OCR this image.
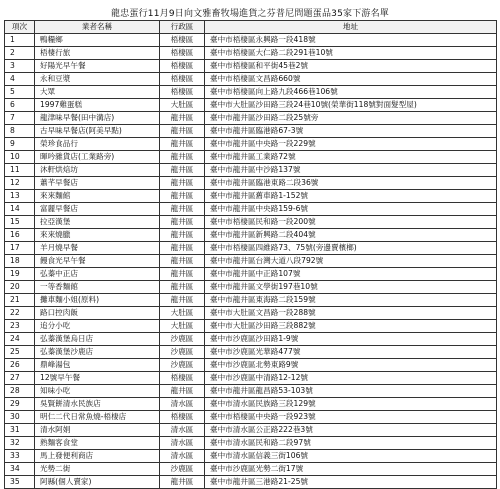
龍忠蛋行11月9日向文雅畜牧場進貨之芬普尼問題蛋品35家下游名單
項次	業者名稱	行政區	地址
1	鴨糧鄉	梧棲區	臺中市梧棲區永興路一段418號
2	梧棲行旅	梧棲區	臺中市梧棲區大仁路二段291巷10號
3	好陽光早午餐	梧棲區	臺中市梧棲區和平街45巷2號
4	永和豆漿	梧棲區	臺中市梧棲區文昌路660號
5	大眾	梧棲區	臺中市梧棲區向上路九段466巷106號
6	1997雞蛋糕	大肚區	臺中市大肚區沙田路三段24巷10號(榮華街118號對面髮型屋)
7	龍津味早餐(田中溝店)	龍井區	臺中市龍井區沙田路二段25號旁
8	古早味早餐店(阿美早點)	龍井區	臺中市龍井區臨港路67-3號
9	榮珍食品行	龍井區	臺中市龍井區中央路一段229號
10	暉吟雜貨店(工業路旁)	龍井區	臺中市龍井區工業路72號
11	沐軒烘焙坊	龍井區	臺中市龍井區中沙路137號
12	蕭芊早餐店	龍井區	臺中市龍井區臨港東路二段36號
13	來來麵館	龍井區	臺中市龍井區舊車路1-152號
14	富麗早餐店	龍井區	臺中市龍井區中央路159-6號
15	拉亞漢堡	龍井區	臺中市梧棲區民和路一段200號
16	來來燒臘	龍井區	臺中市龍井區新興路二段404號
17	羊月燒早餐	龍井區	臺中市梧棲區四維路73、75號(旁邊賣檳榔)
18	饅食光早午餐	龍井區	臺中市龍井區台灣大道八段792號
19	弘蓁中正店	龍井區	臺中市龍井區中正路107號
20	一等香麵館	龍井區	臺中市龍井區文學街197巷10號
21	攤車麵小姐(原料)	龍井區	臺中市龍井區東海路二段159號
22	路口控肉飯	大肚區	臺中市大肚區文昌路一段288號
23	追分小吃	大肚區	臺中市大肚區沙田路三段882號
24	弘蓁漢堡烏日店	沙鹿區	臺中市沙鹿區沙田路1-9號
25	弘蓁漢堡沙鹿店	沙鹿區	臺中市沙鹿區光華路477號
26	鼎峰湯包	沙鹿區	臺中市沙鹿區北勢東路9號
27	12號早午餐	梧棲區	臺中市沙鹿區中清路12-12號
28	知味小吃	龍井區	臺中市龍井區龍昌路53-103號
29	吳賢餅清水民族店	清水區	臺中市清水區民族路三段129號
30	明仁二代日常魚燒-梧棲店	梧棲區	臺中市梧棲區中央路一段923號
31	清水阿娟	清水區	臺中市清水區公正路222巷3號
32	熟麵客食堂	清水區	臺中市清水區民和路二段97號
33	馬上發便利商店	清水區	臺中市清水區信義三街106號
34	光勢二街	沙鹿區	臺中市沙鹿區光勢二街17號
35	阿縣(個人賣家)	龍井區	臺中市龍井區三港路21-25號
